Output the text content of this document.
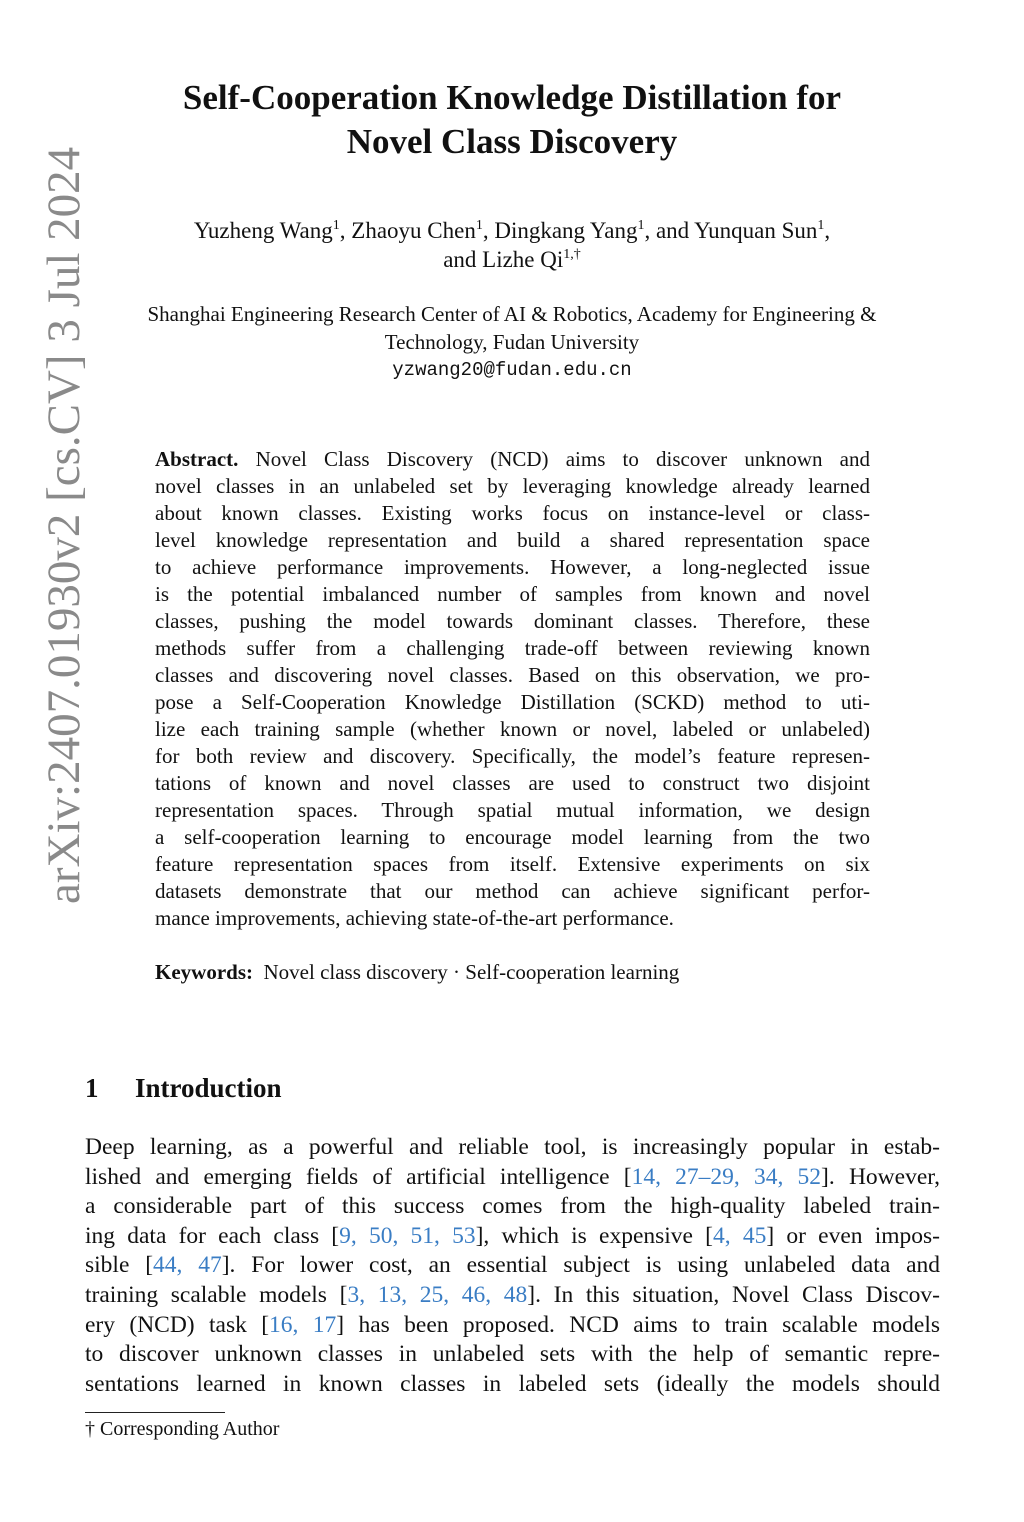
arXiv:2407.01930v2 [cs.CV] 3 Jul 2024
Self-Cooperation Knowledge Distillation for
Novel Class Discovery
Yuzheng Wang$^1$, Zhaoyu Chen$^1$, Dingkang Yang$^1$, and Yunquan Sun$^1$,
and Lizhe $Qi^{1,\dagger}$
Shanghai Engineering Research Center of AI & Robotics, Academy for Engineering &
Technology, Fudan University
yzwang20@fudan.edu.cn
Abstract. Novel Class Discovery (NCD) aims to discover unknown and
novel classes in an unlabeled set by leveraging knowledge already learned
about known classes. Existing works focus on instance-level or class-
level knowledge representation and build a shared representation space
to achieve performance improvements. However, a long-neglected issue
is the potential imbalanced number of samples from known and novel
classes, pushing the model towards dominant classes. Therefore, these
methods suffer from a challenging trade-off between reviewing known
classes and discovering novel classes. Based on this observation, we pro-
pose a Self-Cooperation Knowledge Distillation (SCKD) method to uti-
lize each training sample (whether known or novel, labeled or unlabeled)
for both review and discovery. Specifically, the model’s feature represen-
tations of known and novel classes are used to construct two disjoint
representation spaces. Through spatial mutual information, we design
a self-cooperation learning to encourage model learning from the two
feature representation spaces from itself. Extensive experiments on six
datasets demonstrate that our method can achieve significant perfor-
mance improvements, achieving state-of-the-art performance.
Keywords: Novel class discovery · Self-cooperation learning
1 Introduction
Deep learning, as a powerful and reliable tool, is increasingly popular in estab-
lished and emerging fields of artificial intelligence [14, 27–29, 34, 52]. However,
a considerable part of this success comes from the high-quality labeled train-
ing data for each class [9, 50, 51, 53], which is expensive [4, 45] or even impos-
sible [44, 47]. For lower cost, an essential subject is using unlabeled data and
training scalable models [3, 13, 25, 46, 48]. In this situation, Novel Class Discov-
ery (NCD) task [16, 17] has been proposed. NCD aims to train scalable models
to discover unknown classes in unlabeled sets with the help of semantic repre-
sentations learned in known classes in labeled sets (ideally the models should
† Corresponding Author
